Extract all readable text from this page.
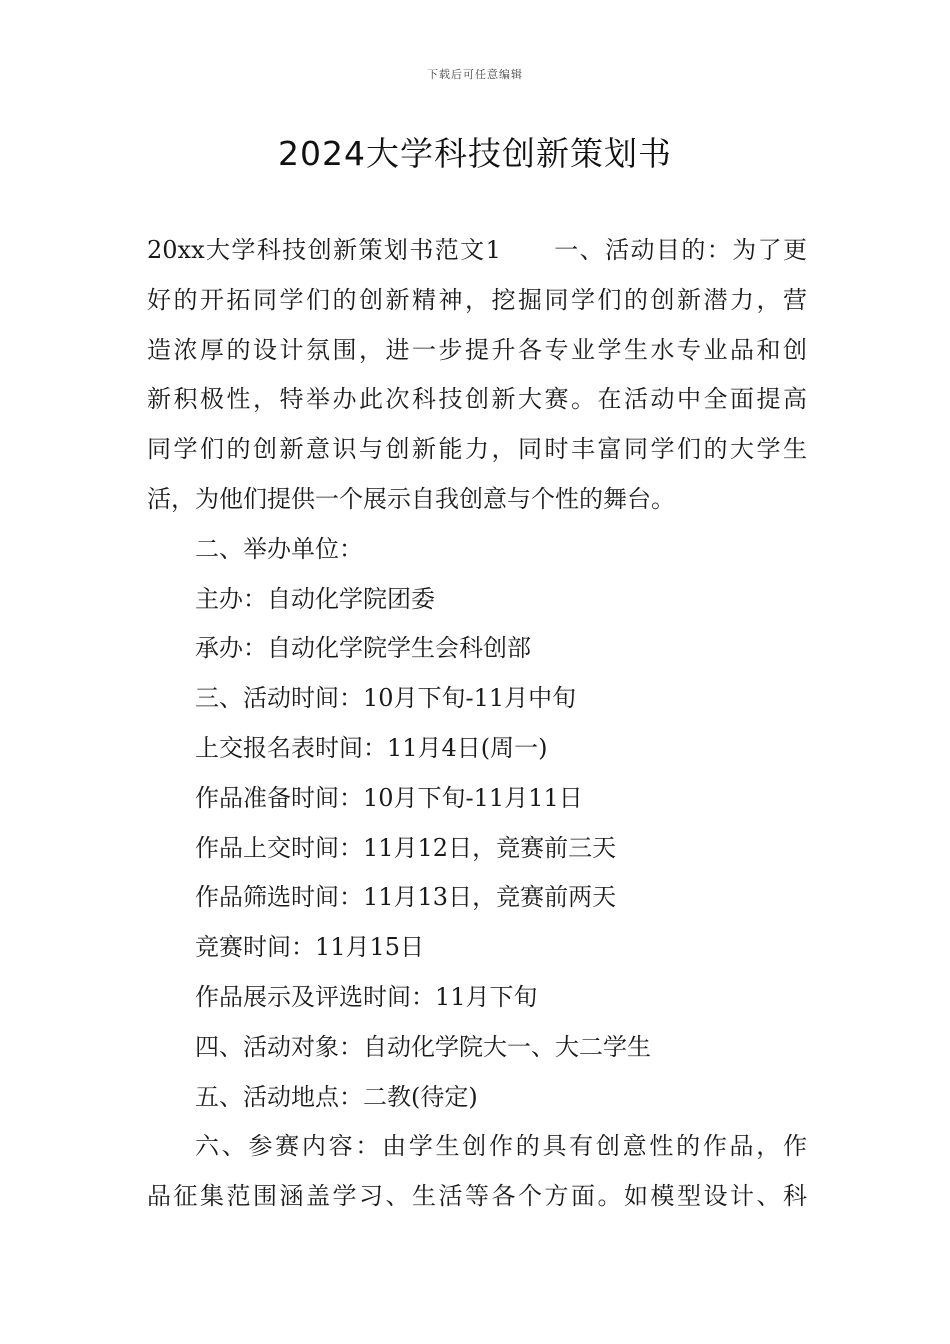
下载后可任意编辑
2024大学科技创新策划书

20xx大学科技创新策划书范文1 一、活动目的：为了更

好的开拓同学们的创新精神，挖掘同学们的创新潜力，营

造浓厚的设计氛围，进一步提升各专业学生水专业品和创

新积极性，特举办此次科技创新大赛。在活动中全面提高

同学们的创新意识与创新能力，同时丰富同学们的大学生

活，为他们提供一个展示自我创意与个性的舞台。

二、举办单位：

主办：自动化学院团委

承办：自动化学院学生会科创部

三、活动时间：10月下旬-11月中旬

上交报名表时间：11月4日(周一)

作品准备时间：10月下旬-11月11日

作品上交时间：11月12日，竞赛前三天

作品筛选时间：11月13日，竞赛前两天

竞赛时间：11月15日

作品展示及评选时间：11月下旬

四、活动对象：自动化学院大一、大二学生

五、活动地点：二教(待定)

六、参赛内容：由学生创作的具有创意性的作品，作

品征集范围涵盖学习、生活等各个方面。如模型设计、科
